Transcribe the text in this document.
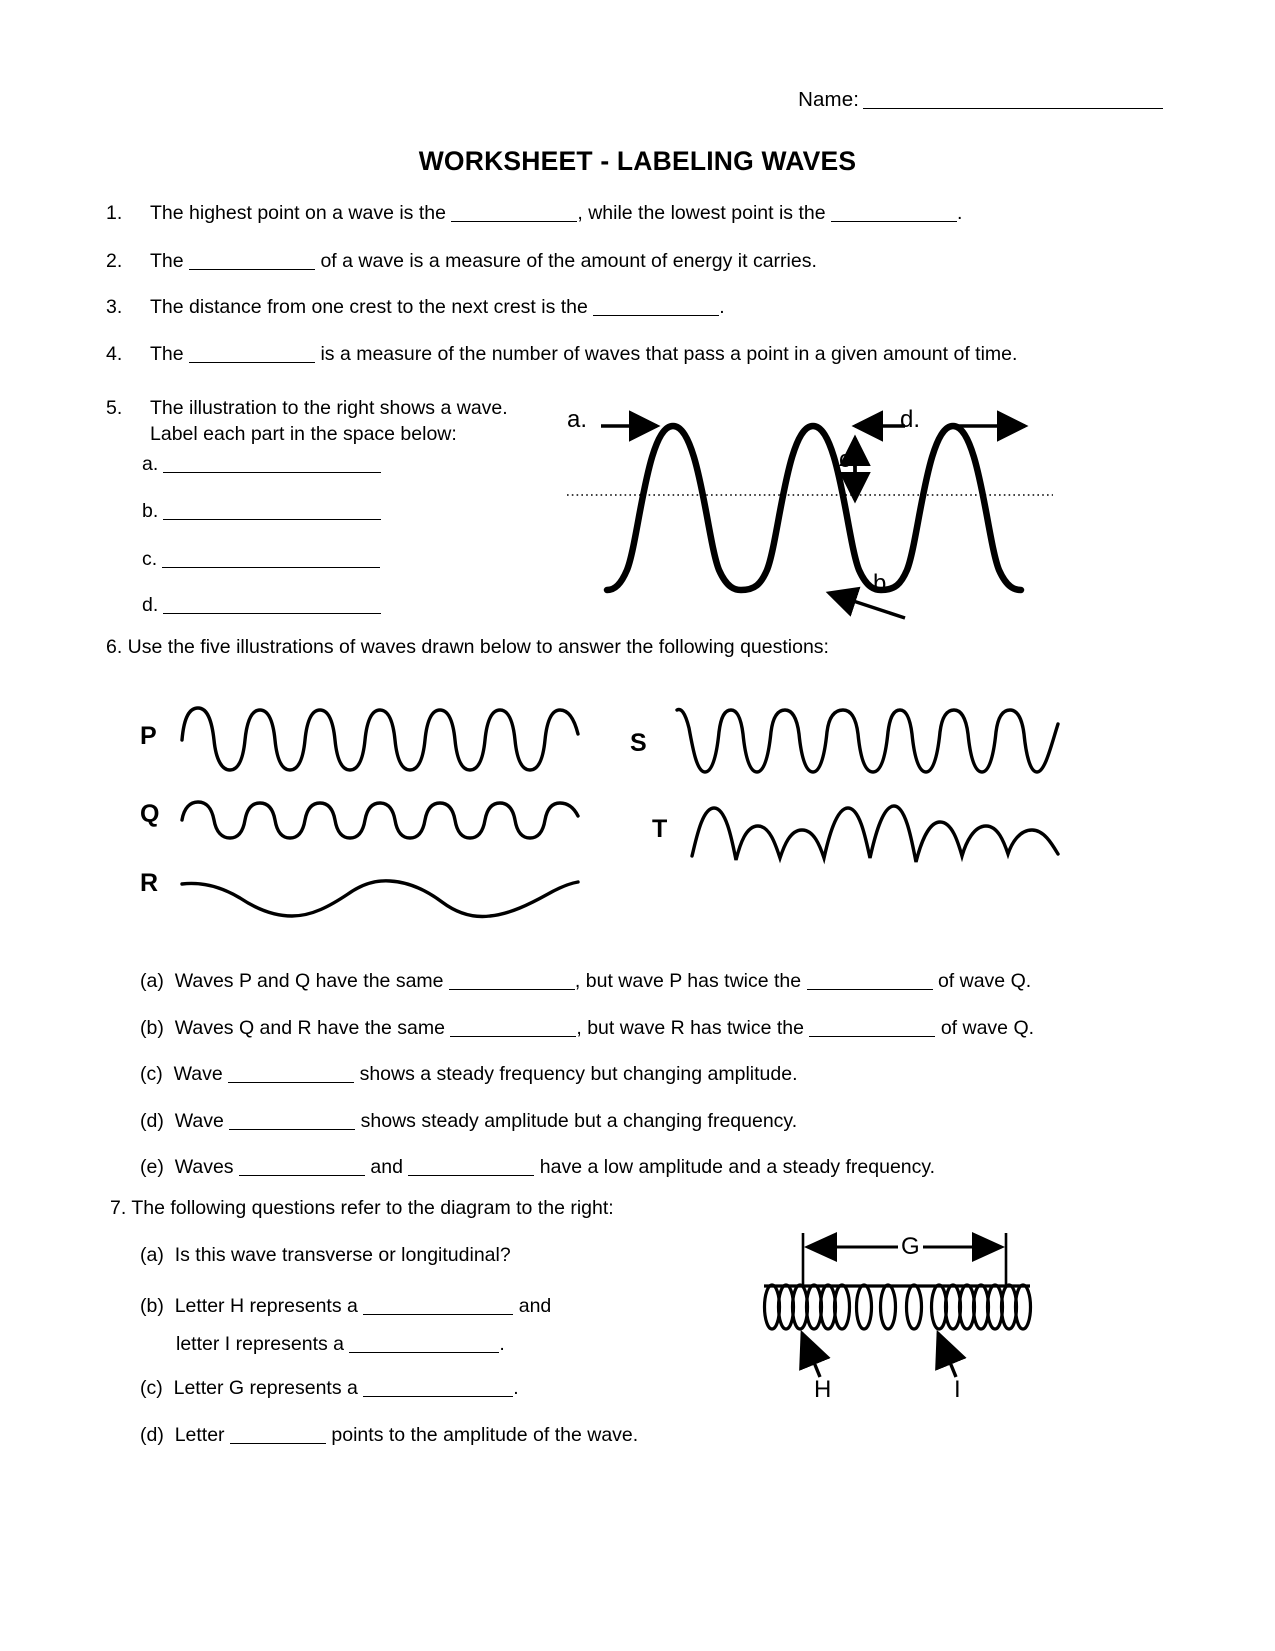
Name:
WORKSHEET - LABELING WAVES
1. The highest point on a wave is the	, while the lowest point is the	.
2. The	of a wave is a measure of the amount of energy it carries.
3. The distance from one crest to the next crest is the	.
4. The	is a measure of the number of waves that pass a point in a given amount of time.
5. The illustration to the right shows a wave.
Label each part in the space below:
a.
b.
c.
d.
a.
b.
c.
d.
6. Use the five illustrations of waves drawn below to answer the following questions:
P
Q
R
S
T
(a) Waves P and Q have the same	, but wave P has twice the	of wave Q.
(b) Waves Q and R have the same	, but wave R has twice the	of wave Q.
(c) Wave	shows a steady frequency but changing amplitude.
(d) Wave	shows steady amplitude but a changing frequency.
(e) Waves	and	have a low amplitude and a steady frequency.
7. The following questions refer to the diagram to the right:
(a) Is this wave transverse or longitudinal?
(b) Letter H represents a	and
letter I represents a	.
(c) Letter G represents a	.
(d) Letter	points to the amplitude of the wave.
G
H	I
